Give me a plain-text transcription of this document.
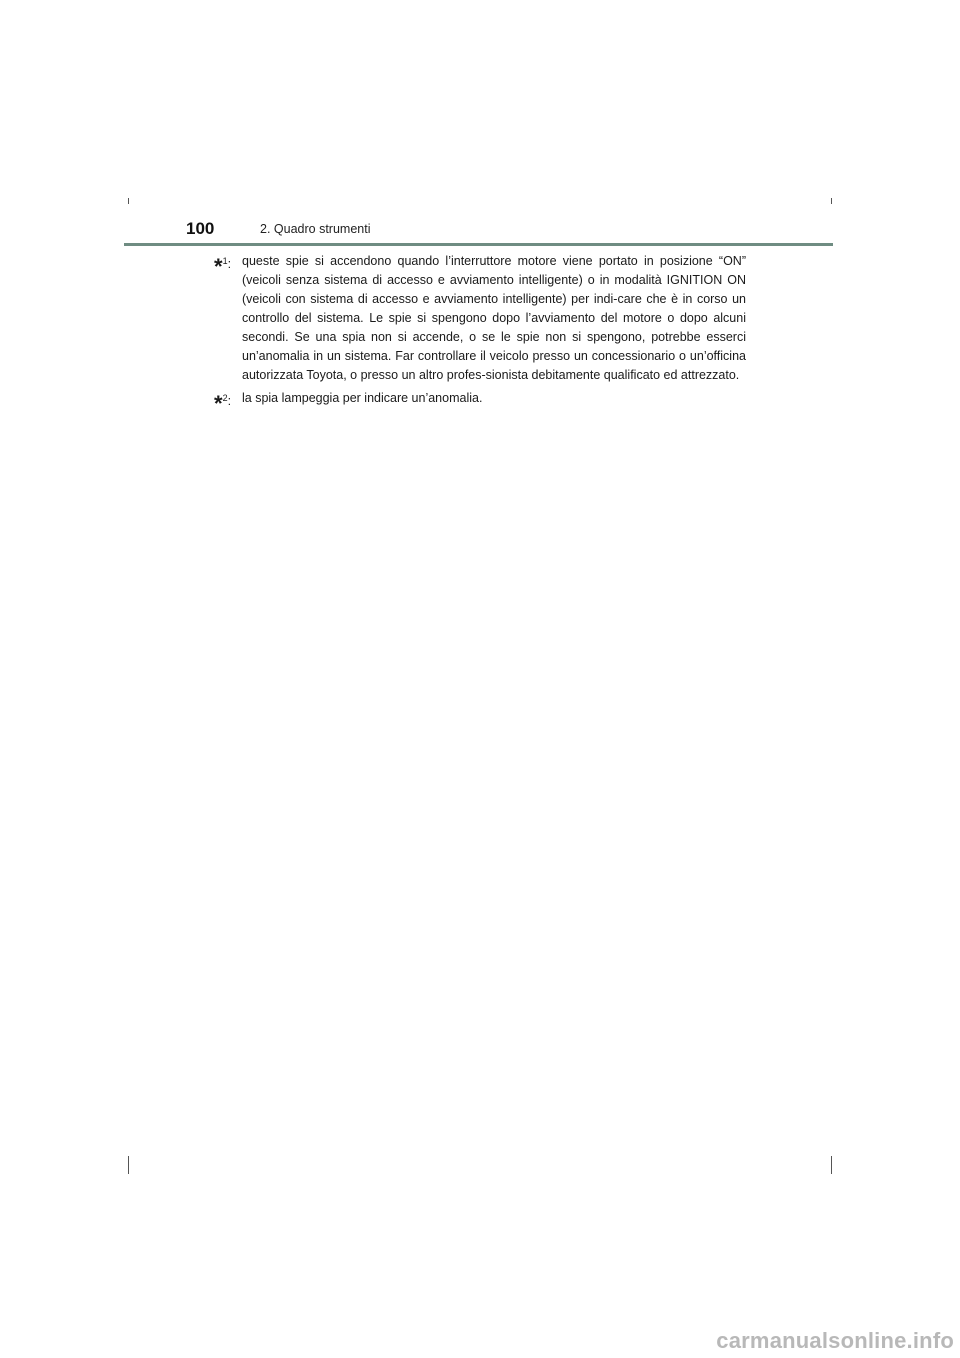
100	2. Quadro strumenti
*$^1$: queste spie si accendono quando l’interruttore motore viene portato in posizione “ON” (veicoli senza sistema di accesso e avviamento intelligente) o in modalità IGNITION ON (veicoli con sistema di accesso e avviamento intelligente) per indi-care che è in corso un controllo del sistema. Le spie si spengono dopo l’avviamento del motore o dopo alcuni secondi. Se una spia non si accende, o se le spie non si spengono, potrebbe esserci un’anomalia in un sistema. Far controllare il veicolo presso un concessionario o un’officina autorizzata Toyota, o presso un altro profes-sionista debitamente qualificato ed attrezzato.
*$^2$: la spia lampeggia per indicare un’anomalia.
carmanualsonline.info
